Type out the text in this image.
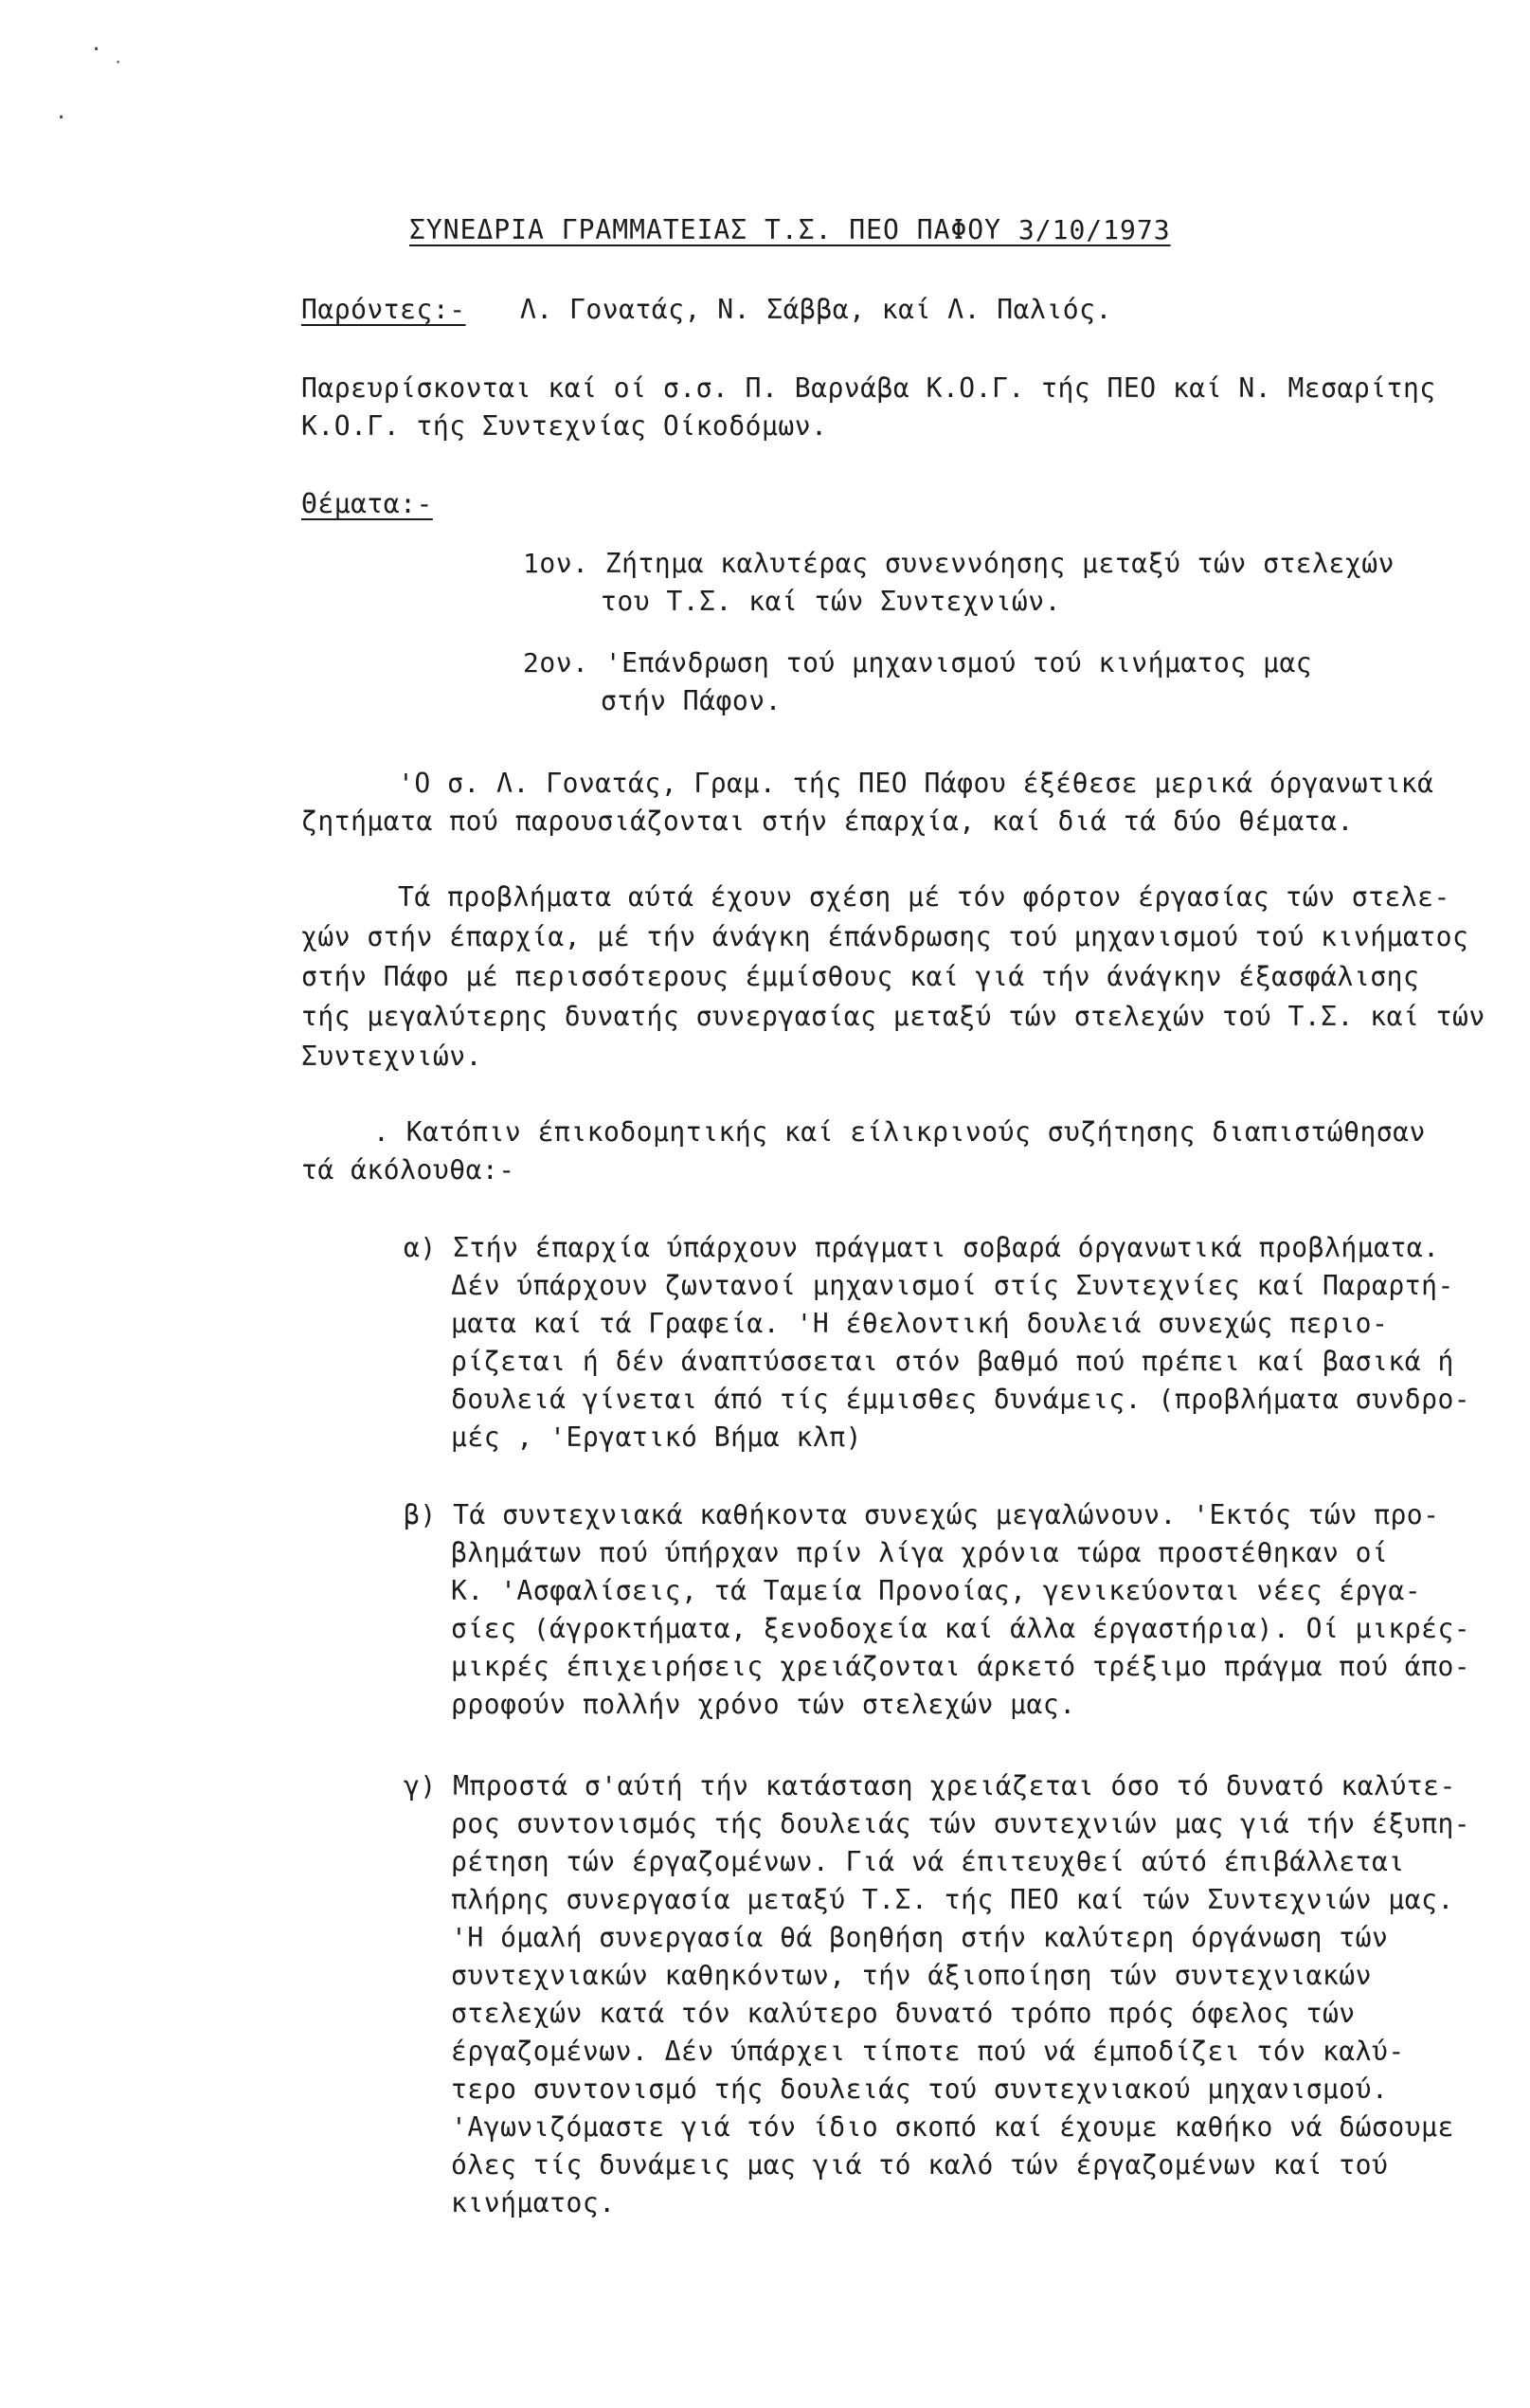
·
˙
·
ΣΥΝΕΔΡΙΑ ΓΡΑΜΜΑΤΕΙΑΣ Τ.Σ. ΠΕΟ ΠΑΦΟΥ 3/10/1973
Παρόντες:- Λ. Γονατάς, Ν. Σάββα, καί Λ. Παλιός.
Παρευρίσκονται καί οί σ.σ. Π. Βαρνάβα Κ.Ο.Γ. τής ΠΕΟ καί Ν. Μεσαρίτης
Κ.Ο.Γ. τής Συντεχνίας Οίκοδόμων.
Θέματα:-
1ον. Ζήτημα καλυτέρας συνεννόησης μεταξύ τών στελεχών
του Τ.Σ. καί τών Συντεχνιών.
2ον. 'Επάνδρωση τού μηχανισμού τού κινήματος μας
στήν Πάφον.
'Ο σ. Λ. Γονατάς, Γραμ. τής ΠΕΟ Πάφου έξέθεσε μερικά όργανωτικά
ζητήματα πού παρουσιάζονται στήν έπαρχία, καί διά τά δύο θέματα.
Τά προβλήματα αύτά έχουν σχέση μέ τόν φόρτον έργασίας τών στελε-
χών στήν έπαρχία, μέ τήν άνάγκη έπάνδρωσης τού μηχανισμού τού κινήματος
στήν Πάφο μέ περισσότερους έμμίσθους καί γιά τήν άνάγκην έξασφάλισης
τής μεγαλύτερης δυνατής συνεργασίας μεταξύ τών στελεχών τού Τ.Σ. καί τών
Συντεχνιών.
. Κατόπιν έπικοδομητικής καί είλικρινούς συζήτησης διαπιστώθησαν
τά άκόλουθα:-
α) Στήν έπαρχία ύπάρχουν πράγματι σοβαρά όργανωτικά προβλήματα.
Δέν ύπάρχουν ζωντανοί μηχανισμοί στίς Συντεχνίες καί Παραρτή-
ματα καί τά Γραφεία. 'Η έθελοντική δουλειά συνεχώς περιο-
ρίζεται ή δέν άναπτύσσεται στόν βαθμό πού πρέπει καί βασικά ή
δουλειά γίνεται άπό τίς έμμισθες δυνάμεις. (προβλήματα συνδρο-
μές , 'Εργατικό Βήμα κλπ)
β) Τά συντεχνιακά καθήκοντα συνεχώς μεγαλώνουν. 'Εκτός τών προ-
βλημάτων πού ύπήρχαν πρίν λίγα χρόνια τώρα προστέθηκαν οί
Κ. 'Ασφαλίσεις, τά Ταμεία Προνοίας, γενικεύονται νέες έργα-
σίες (άγροκτήματα, ξενοδοχεία καί άλλα έργαστήρια). Οί μικρές-
μικρές έπιχειρήσεις χρειάζονται άρκετό τρέξιμο πράγμα πού άπο-
ρροφούν πολλήν χρόνο τών στελεχών μας.
γ) Μπροστά σ'αύτή τήν κατάσταση χρειάζεται όσο τό δυνατό καλύτε-
ρος συντονισμός τής δουλειάς τών συντεχνιών μας γιά τήν έξυπη-
ρέτηση τών έργαζομένων. Γιά νά έπιτευχθεί αύτό έπιβάλλεται
πλήρης συνεργασία μεταξύ Τ.Σ. τής ΠΕΟ καί τών Συντεχνιών μας.
'Η όμαλή συνεργασία θά βοηθήση στήν καλύτερη όργάνωση τών
συντεχνιακών καθηκόντων, τήν άξιοποίηση τών συντεχνιακών
στελεχών κατά τόν καλύτερο δυνατό τρόπο πρός όφελος τών
έργαζομένων. Δέν ύπάρχει τίποτε πού νά έμποδίζει τόν καλύ-
τερο συντονισμό τής δουλειάς τού συντεχνιακού μηχανισμού.
'Αγωνιζόμαστε γιά τόν ίδιο σκοπό καί έχουμε καθήκο νά δώσουμε
όλες τίς δυνάμεις μας γιά τό καλό τών έργαζομένων καί τού
κινήματος.
